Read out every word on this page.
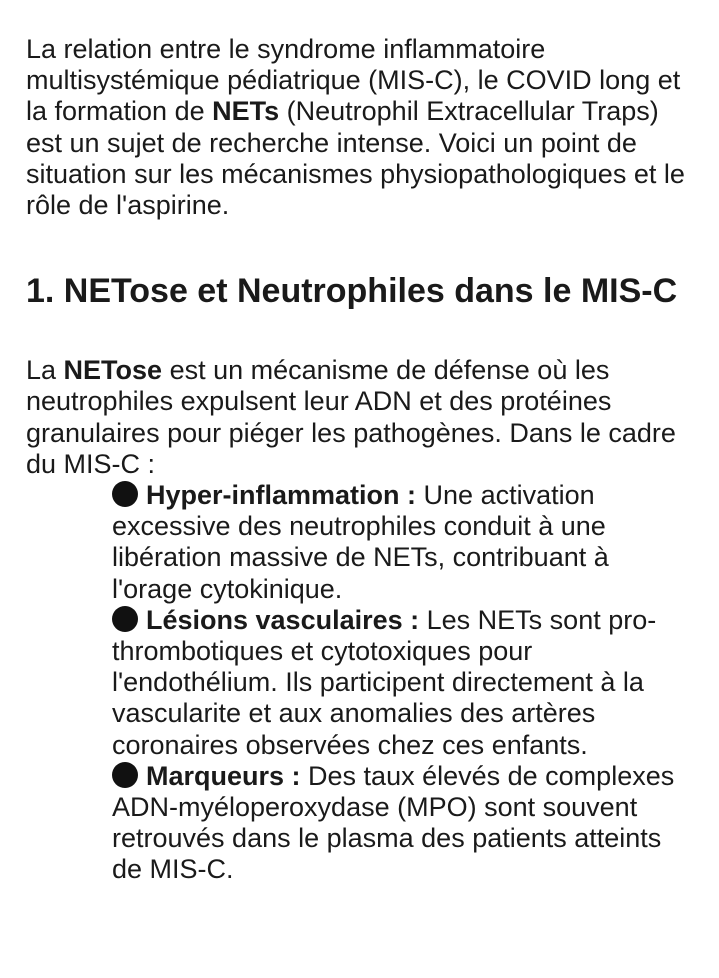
La relation entre le syndrome inflammatoire multisystémique pédiatrique (MIS-C), le COVID long et la formation de NETs (Neutrophil Extracellular Traps) est un sujet de recherche intense. Voici un point de situation sur les mécanismes physiopathologiques et le rôle de l'aspirine.

1. NETose et Neutrophiles dans le MIS-C

La NETose est un mécanisme de défense où les neutrophiles expulsent leur ADN et des protéines granulaires pour piéger les pathogènes. Dans le cadre du MIS-C :

Hyper-inflammation : Une activation excessive des neutrophiles conduit à une libération massive de NETs, contribuant à l'orage cytokinique.
Lésions vasculaires : Les NETs sont pro-thrombotiques et cytotoxiques pour l'endothélium. Ils participent directement à la vascularite et aux anomalies des artères coronaires observées chez ces enfants.
Marqueurs : Des taux élevés de complexes ADN-myéloperoxydase (MPO) sont souvent retrouvés dans le plasma des patients atteints de MIS-C.
